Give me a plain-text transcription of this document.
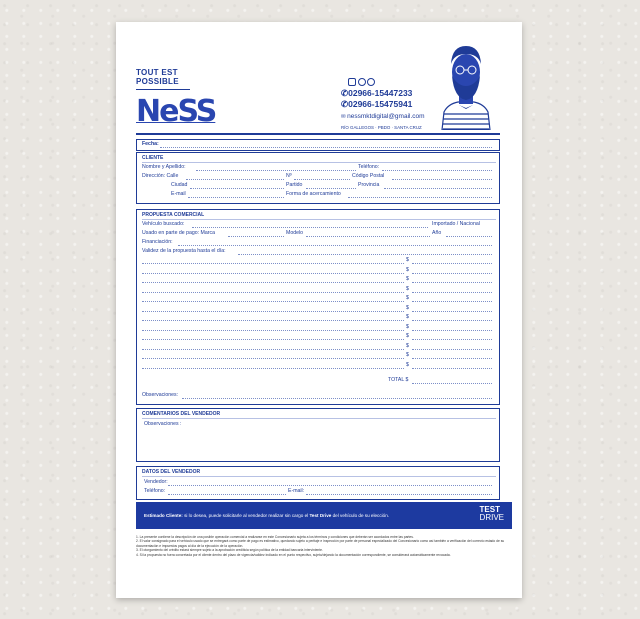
TOUT EST
POSSIBLE
NeSS

✆02966-15447233
✆02966-15475941
✉ nessmktdigital@gmail.com
RÍO GALLEGOS · PBDO · SANTA CRUZ
Fecha:
CLIENTE
Nombre y Apellido:	Teléfono:
Dirección: Calle	Nº	Código Postal
Ciudad	Partido	Provincia
E-mail	Forma de acercamiento
PROPUESTA COMERCIAL
Vehículo buscado:	Importado / Nacional
Usado en parte de pago: Marca	Modelo	Año
Financiación:
Validez de la propuesta hasta el día:
TOTAL $
Observaciones:
COMENTARIOS DEL VENDEDOR
Observaciones :
DATOS DEL VENDEDOR
Vendedor:
Teléfono:	E-mail:
Estimado Cliente: si lo desea, puede solicitarle al vendedor realizar sin cargo el Test Drive del vehículo de su elección.
TEST
DRIVE
1. La presente contiene la descripción de una posible operación comercial a realizarse en este Concesionario sujeta a los términos y condiciones que deberán ser acordados entre las partes.
2. El valor consignado para el vehículo usado que se entregará como parte de pago es estimativo, quedando sujeto a peritaje e inspección por parte de personal especializado del Concesionario como así también a verificación del correcto estado de su documentación e impuestos pagos al día de la ejecución de la operación.
3. El otorgamiento del crédito estará siempre sujeto a la aprobación crediticia según política de la entidad bancaria interviniente.
4. Si la propuesta no fuera concretada por el cliente dentro del plazo de vigencia/validez indicado en el punto respectivo, sujeto/dejando la documentación correspondiente, se considerará automáticamente revocada.
$
$
$
$
$
$
$
$
$
$
$
$
